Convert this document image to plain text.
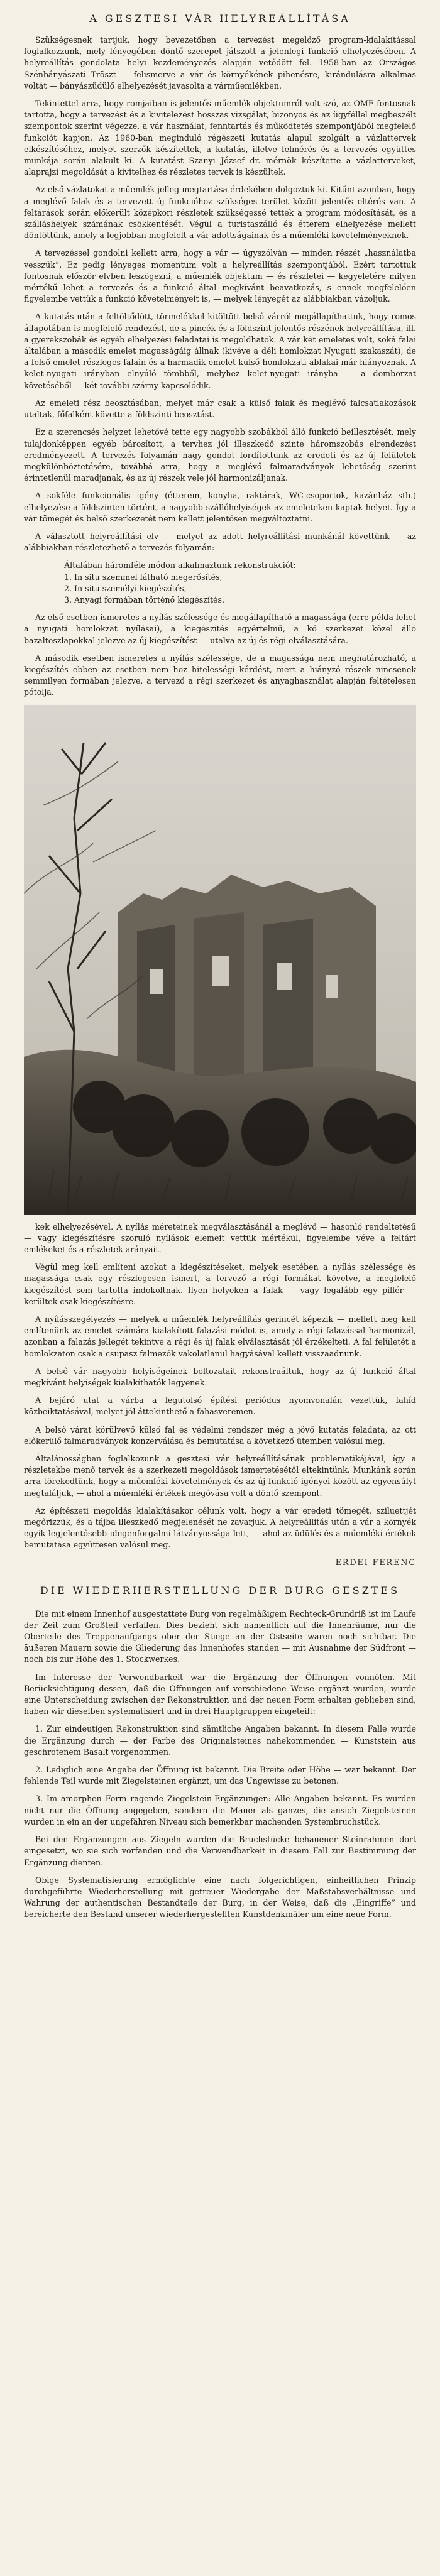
A GESZTESI VÁR HELYREÁLLÍTÁSA

Szükségesnek tartjuk, hogy bevezetőben a tervezést megelőző program-kialakítással foglalkozzunk, mely lényegében döntő szerepet játszott a jelenlegi funkció elhelyezésében. A helyreállítás gondolata helyi kezdeményezés alapján vetődött fel. 1958-ban az Országos Szénbányászati Tröszt — felismerve a vár és környékének pihenésre, kirándulásra alkalmas voltát — bányászüdülő elhelyezését javasolta a várműemlékben.

Tekintettel arra, hogy romjaiban is jelentős műemlék-objektumról volt szó, az OMF fontosnak tartotta, hogy a tervezést és a kivitelezést hosszas vizsgálat, bizonyos és az ügyféllel megbeszélt szempontok szerint végezze, a vár használat, fenntartás és működtetés szempontjából megfelelő funkciót kapjon. Az 1960-ban meginduló régészeti kutatás alapul szolgált a vázlattervek elkészítéséhez, melyet szerzők készítettek, a kutatás, illetve felmérés és a tervezés együttes munkája során alakult ki. A kutatást Szanyi József dr. mérnök készítette a vázlatterveket, alaprajzi megoldását a kivitelhez és részletes tervek is készültek.

Az első vázlatokat a műemlék-jelleg megtartása érdekében dolgoztuk ki. Kitűnt azonban, hogy a meglévő falak és a tervezett új funkcióhoz szükséges terület között jelentős eltérés van. A feltárások során előkerült középkori részletek szükségessé tették a program módosítását, és a szálláshelyek számának csökkentését. Végül a turistaszálló és étterem elhelyezése mellett döntöttünk, amely a legjobban megfelelt a vár adottságainak és a műemléki követelményeknek.

A tervezéssel gondolni kellett arra, hogy a vár — úgyszólván — minden részét „használatba vesszük”. Ez pedig lényeges momentum volt a helyreállítás szempontjából. Ezért tartottuk fontosnak először elvben leszögezni, a műemlék objektum — és részletei — kegyeletére milyen mértékű lehet a tervezés és a funkció által megkívánt beavatkozás, s ennek megfelelően figyelembe vettük a funkció követelményeit is, — melyek lényegét az alábbiakban vázoljuk.

A kutatás után a feltöltődött, törmelékkel kitöltött belső várról megállapíthattuk, hogy romos állapotában is megfelelő rendezést, de a pincék és a földszint jelentős részének helyreállítása, ill. a gyerekszobák és egyéb elhelyezési feladatai is megoldhatók. A vár két emeletes volt, soká falai általában a második emelet magasságáig állnak (kivéve a déli homlokzat Nyugati szakaszát), de a felső emelet részleges falain és a harmadik emelet külső homlokzati ablakai már hiányoznak. A kelet-nyugati irányban elnyúló tömbből, melyhez kelet-nyugati irányba — a domborzat követéséből — két további szárny kapcsolódik.

Az emeleti rész beosztásában, melyet már csak a külső falak és meglévő falcsatlakozások utaltak, főfalként követte a földszinti beosztást.

Ez a szerencsés helyzet lehetővé tette egy nagyobb szobákból álló funkció beillesztését, mely tulajdonképpen egyéb bárosított, a tervhez jól illeszkedő szinte háromszobás elrendezést eredményezett. A tervezés folyamán nagy gondot fordítottunk az eredeti és az új felületek megkülönböztetésére, továbbá arra, hogy a meglévő falmaradványok lehetőség szerint érintetlenül maradjanak, és az új részek vele jól harmonizáljanak.

A sokféle funkcionális igény (étterem, konyha, raktárak, WC-csoportok, kazánház stb.) elhelyezése a földszinten történt, a nagyobb szállóhelyiségek az emeleteken kaptak helyet. Így a vár tömegét és belső szerkezetét nem kellett jelentősen megváltoztatni.

A választott helyreállítási elv — melyet az adott helyreállítási munkánál követtünk — az alábbiakban részletezhető a tervezés folyamán:

Általában háromféle módon alkalmaztunk rekonstrukciót:
1. In situ szemmel látható megerősítés,
2. In situ személyi kiegészítés,
3. Anyagi formában történő kiegészítés.

Az első esetben ismeretes a nyílás szélessége és megállapítható a magassága (erre példa lehet a nyugati homlokzat nyílásai), a kiegészítés egyértelmű, a kő szerkezet közel álló bazaltoszlapokkal jelezve az új kiegészítést — utalva az új és régi elválasztására.

A második esetben ismeretes a nyílás szélessége, de a magassága nem meghatározható, a kiegészítés ebben az esetben nem hoz hitelességi kérdést, mert a hiányzó részek nincsenek semmilyen formában jelezve, a tervező a régi szerkezet és anyaghasználat alapján feltételesen pótolja.

kek elhelyezésével. A nyílás méreteinek megválasztásánál a meglévő — hasonló rendeltetésű — vagy kiegészítésre szoruló nyílások elemeit vettük mértékül, figyelembe véve a feltárt emlékeket és a részletek arányait.

Végül meg kell említeni azokat a kiegészítéseket, melyek esetében a nyílás szélessége és magassága csak egy részlegesen ismert, a tervező a régi formákat követve, a megfelelő kiegészítést sem tartotta indokoltnak. Ilyen helyeken a falak — vagy legalább egy pillér — kerültek csak kiegészítésre.

A nyílásszegélyezés — melyek a műemlék helyreállítás gerincét képezik — mellett meg kell említenünk az emelet számára kialakított falazási módot is, amely a régi falazással harmonizál, azonban a falazás jellegét tekintve a régi és új falak elválasztását jól érzékelteti. A fal felületét a homlokzaton csak a csupasz falmezők vakolatlanul hagyásával kellett visszaadnunk.

A belső vár nagyobb helyiségeinek boltozatait rekonstruáltuk, hogy az új funkció által megkívánt helyiségek kialakíthatók legyenek.

A bejáró utat a várba a legutolsó építési periódus nyomvonalán vezettük, fahíd közbeiktatásával, melyet jól áttekinthető a fahasveremen.

A belső várat körülvevő külső fal és védelmi rendszer még a jövő kutatás feladata, az ott előkerülő falmaradványok konzerválása és bemutatása a következő ütemben valósul meg.

Általánosságban foglalkozunk a gesztesi vár helyreállításának problematikájával, így a részletekbe menő tervek és a szerkezeti megoldások ismertetésétől eltekintünk. Munkánk során arra törekedtünk, hogy a műemléki követelmények és az új funkció igényei között az egyensúlyt megtaláljuk, — ahol a műemléki értékek megóvása volt a döntő szempont.

Az építészeti megoldás kialakításakor célunk volt, hogy a vár eredeti tömegét, sziluettjét megőrizzük, és a tájba illeszkedő megjelenését ne zavarjuk. A helyreállítás után a vár a környék egyik legjelentősebb idegenforgalmi látványossága lett, — ahol az üdülés és a műemléki értékek bemutatása együttesen valósul meg.

ERDEI FERENC
DIE WIEDERHERSTELLUNG DER BURG GESZTES

Die mit einem Innenhof ausgestattete Burg von regelmäßigem Rechteck-Grundriß ist im Laufe der Zeit zum Großteil verfallen. Dies bezieht sich namentlich auf die Innenräume, nur die Oberteile des Treppenaufgangs ober der Stiege an der Ostseite waren noch sichtbar. Die äußeren Mauern sowie die Gliederung des Innenhofes standen — mit Ausnahme der Südfront — noch bis zur Höhe des 1. Stockwerkes.

Im Interesse der Verwendbarkeit war die Ergänzung der Öffnungen vonnöten. Mit Berücksichtigung dessen, daß die Öffnungen auf verschiedene Weise ergänzt wurden, wurde eine Unterscheidung zwischen der Rekonstruktion und der neuen Form erhalten geblieben sind, haben wir dieselben systematisiert und in drei Hauptgruppen eingeteilt:

1. Zur eindeutigen Rekonstruktion sind sämtliche Angaben bekannt. In diesem Falle wurde die Ergänzung durch — der Farbe des Originalsteines nahekommenden — Kunststein aus geschrotenem Basalt vorgenommen.

2. Lediglich eine Angabe der Öffnung ist bekannt. Die Breite oder Höhe — war bekannt. Der fehlende Teil wurde mit Ziegelsteinen ergänzt, um das Ungewisse zu betonen.

3. Im amorphen Form ragende Ziegelstein-Ergänzungen: Alle Angaben bekannt. Es wurden nicht nur die Öffnung angegeben, sondern die Mauer als ganzes, die ansich Ziegelsteinen wurden in ein an der ungefähren Niveau sich bemerkbar machenden Systembruchstück.

Bei den Ergänzungen aus Ziegeln wurden die Bruchstücke behauener Steinrahmen dort eingesetzt, wo sie sich vorfanden und die Verwendbarkeit in diesem Fall zur Bestimmung der Ergänzung dienten.

Obige Systematisierung ermöglichte eine nach folgerichtigen, einheitlichen Prinzip durchgeführte Wiederherstellung mit getreuer Wiedergabe der Maßstabsverhältnisse und Wahrung der authentischen Bestandteile der Burg, in der Weise, daß die „Eingriffe” und bereicherte den Bestand unserer wiederhergestellten Kunstdenkmäler um eine neue Form.
